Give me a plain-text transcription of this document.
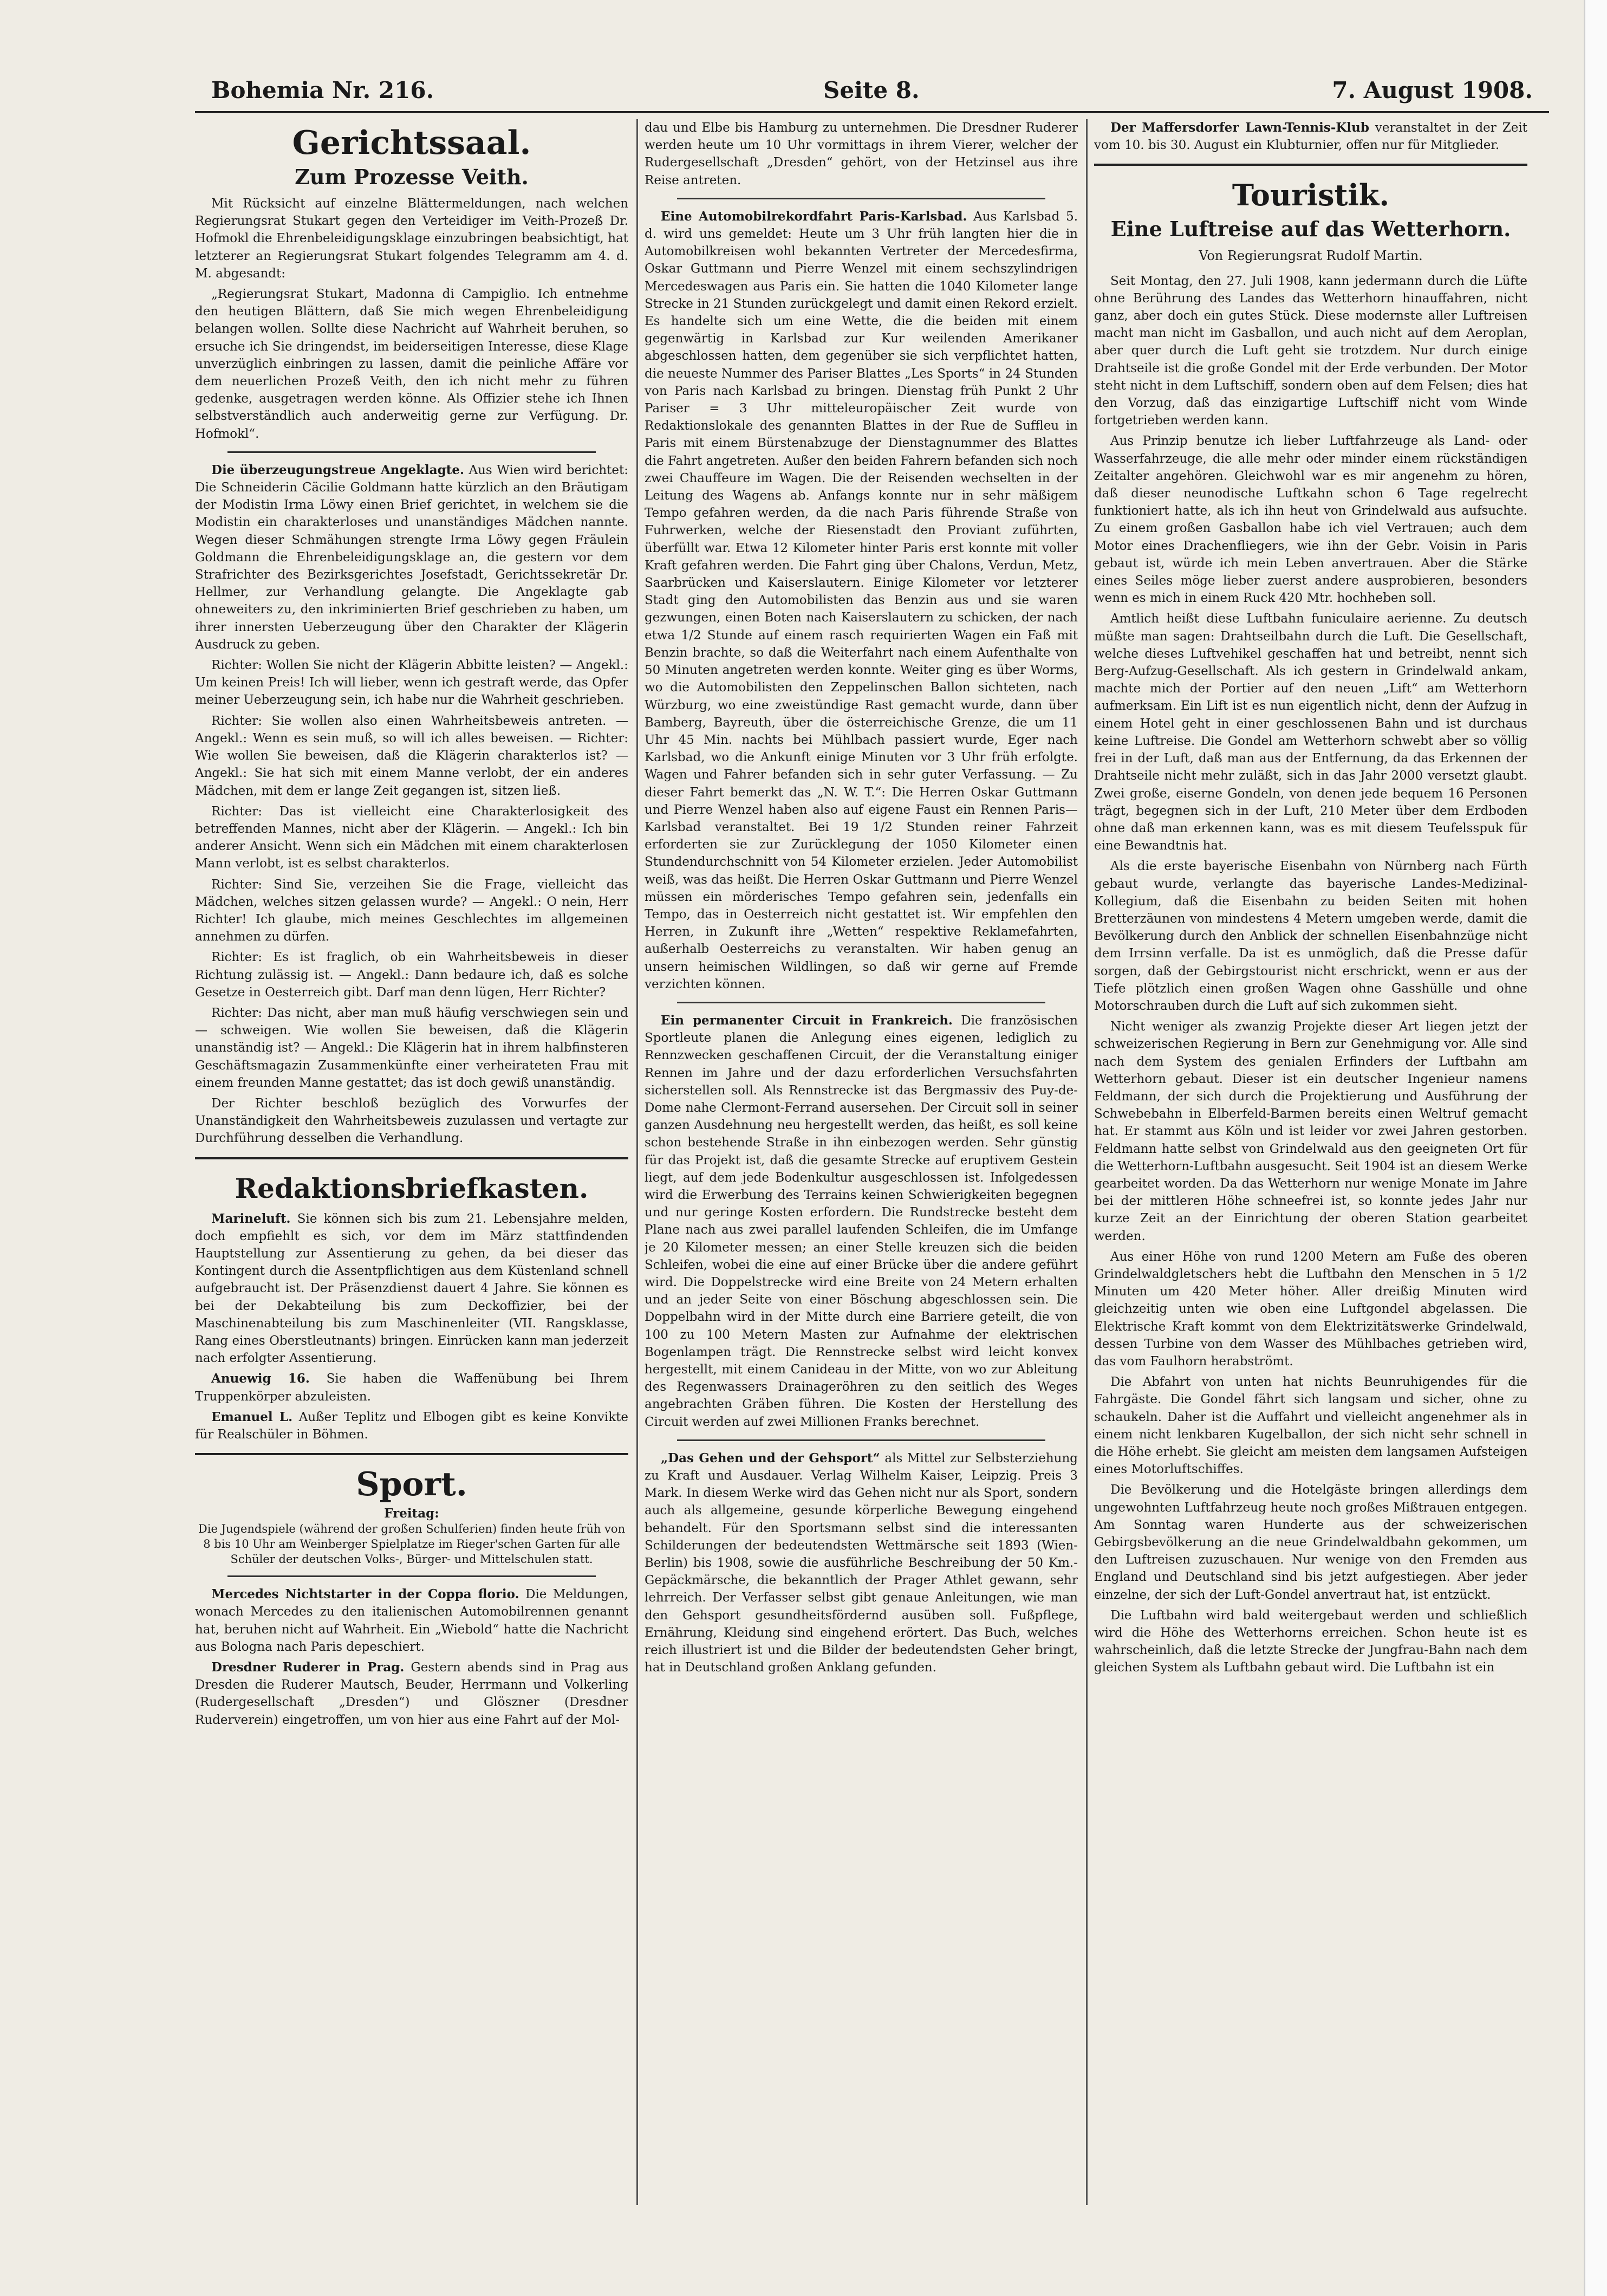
Bohemia Nr. 216.	Seite 8.	7. August 1908.
Gerichtssaal.
Zum Prozesse Veith.

Mit Rücksicht auf einzelne Blättermeldungen, nach welchen Regierungsrat Stukart gegen den Verteidiger im Veith-Prozeß Dr. Hofmokl die Ehrenbeleidigungsklage einzubringen beabsichtigt, hat letzterer an Regierungsrat Stukart folgendes Telegramm am 4. d. M. abgesandt:

„Regierungsrat Stukart, Madonna di Campiglio. Ich entnehme den heutigen Blättern, daß Sie mich wegen Ehrenbeleidigung belangen wollen. Sollte diese Nachricht auf Wahrheit beruhen, so ersuche ich Sie dringendst, im beiderseitigen Interesse, diese Klage unverzüglich einbringen zu lassen, damit die peinliche Affäre vor dem neuerlichen Prozeß Veith, den ich nicht mehr zu führen gedenke, ausgetragen werden könne. Als Offizier stehe ich Ihnen selbstverständlich auch anderweitig gerne zur Verfügung. Dr. Hofmokl“.

Die überzeugungstreue Angeklagte. Aus Wien wird berichtet: Die Schneiderin Cäcilie Goldmann hatte kürzlich an den Bräutigam der Modistin Irma Löwy einen Brief gerichtet, in welchem sie die Modistin ein charakterloses und unanständiges Mädchen nannte. Wegen dieser Schmähungen strengte Irma Löwy gegen Fräulein Goldmann die Ehrenbeleidigungsklage an, die gestern vor dem Strafrichter des Bezirksgerichtes Josefstadt, Gerichtssekretär Dr. Hellmer, zur Verhandlung gelangte. Die Angeklagte gab ohneweiters zu, den inkriminierten Brief geschrieben zu haben, um ihrer innersten Ueberzeugung über den Charakter der Klägerin Ausdruck zu geben.

Richter: Wollen Sie nicht der Klägerin Abbitte leisten? — Angekl.: Um keinen Preis! Ich will lieber, wenn ich gestraft werde, das Opfer meiner Ueberzeugung sein, ich habe nur die Wahrheit geschrieben.

Richter: Sie wollen also einen Wahrheitsbeweis antreten. — Angekl.: Wenn es sein muß, so will ich alles beweisen. — Richter: Wie wollen Sie beweisen, daß die Klägerin charakterlos ist? — Angekl.: Sie hat sich mit einem Manne verlobt, der ein anderes Mädchen, mit dem er lange Zeit gegangen ist, sitzen ließ.

Richter: Das ist vielleicht eine Charakterlosigkeit des betreffenden Mannes, nicht aber der Klägerin. — Angekl.: Ich bin anderer Ansicht. Wenn sich ein Mädchen mit einem charakterlosen Mann verlobt, ist es selbst charakterlos.

Richter: Sind Sie, verzeihen Sie die Frage, vielleicht das Mädchen, welches sitzen gelassen wurde? — Angekl.: O nein, Herr Richter! Ich glaube, mich meines Geschlechtes im allgemeinen annehmen zu dürfen.

Richter: Es ist fraglich, ob ein Wahrheitsbeweis in dieser Richtung zulässig ist. — Angekl.: Dann bedaure ich, daß es solche Gesetze in Oesterreich gibt. Darf man denn lügen, Herr Richter?

Richter: Das nicht, aber man muß häufig verschwiegen sein und — schweigen. Wie wollen Sie beweisen, daß die Klägerin unanständig ist? — Angekl.: Die Klägerin hat in ihrem halbfinsteren Geschäftsmagazin Zusammenkünfte einer verheirateten Frau mit einem freunden Manne gestattet; das ist doch gewiß unanständig.

Der Richter beschloß bezüglich des Vorwurfes der Unanständigkeit den Wahrheitsbeweis zuzulassen und vertagte zur Durchführung desselben die Verhandlung.

Redaktionsbriefkasten.

Marineluft. Sie können sich bis zum 21. Lebensjahre melden, doch empfiehlt es sich, vor dem im März stattfindenden Hauptstellung zur Assentierung zu gehen, da bei dieser das Kontingent durch die Assentpflichtigen aus dem Küstenland schnell aufgebraucht ist. Der Präsenzdienst dauert 4 Jahre. Sie können es bei der Dekabteilung bis zum Deckoffizier, bei der Maschinenabteilung bis zum Maschinenleiter (VII. Rangsklasse, Rang eines Oberstleutnants) bringen. Einrücken kann man jederzeit nach erfolgter Assentierung.

Anuewig 16. Sie haben die Waffenübung bei Ihrem Truppenkörper abzuleisten.

Emanuel L. Außer Teplitz und Elbogen gibt es keine Konvikte für Realschüler in Böhmen.

Sport.
Freitag:
Die Jugendspiele (während der großen Schulferien) finden heute früh von 8 bis 10 Uhr am Weinberger Spielplatze im Rieger'schen Garten für alle Schüler der deutschen Volks-, Bürger- und Mittelschulen statt.

Mercedes Nichtstarter in der Coppa florio. Die Meldungen, wonach Mercedes zu den italienischen Automobilrennen genannt hat, beruhen nicht auf Wahrheit. Ein „Wiebold“ hatte die Nachricht aus Bologna nach Paris depeschiert.

Dresdner Ruderer in Prag. Gestern abends sind in Prag aus Dresden die Ruderer Mautsch, Beuder, Herrmann und Volkerling (Rudergesellschaft „Dresden“) und Glöszner (Dresdner Ruderverein) eingetroffen, um von hier aus eine Fahrt auf der Mol-

dau und Elbe bis Hamburg zu unternehmen. Die Dresdner Ruderer werden heute um 10 Uhr vormittags in ihrem Vierer, welcher der Rudergesellschaft „Dresden“ gehört, von der Hetzinsel aus ihre Reise antreten.

Eine Automobilrekordfahrt Paris-Karlsbad. Aus Karlsbad 5. d. wird uns gemeldet: Heute um 3 Uhr früh langten hier die in Automobilkreisen wohl bekannten Vertreter der Mercedesfirma, Oskar Guttmann und Pierre Wenzel mit einem sechszylindrigen Mercedeswagen aus Paris ein. Sie hatten die 1040 Kilometer lange Strecke in 21 Stunden zurückgelegt und damit einen Rekord erzielt. Es handelte sich um eine Wette, die die beiden mit einem gegenwärtig in Karlsbad zur Kur weilenden Amerikaner abgeschlossen hatten, dem gegenüber sie sich verpflichtet hatten, die neueste Nummer des Pariser Blattes „Les Sports“ in 24 Stunden von Paris nach Karlsbad zu bringen. Dienstag früh Punkt 2 Uhr Pariser = 3 Uhr mitteleuropäischer Zeit wurde von Redaktionslokale des genannten Blattes in der Rue de Suffleu in Paris mit einem Bürstenabzuge der Dienstagnummer des Blattes die Fahrt angetreten. Außer den beiden Fahrern befanden sich noch zwei Chauffeure im Wagen. Die der Reisenden wechselten in der Leitung des Wagens ab. Anfangs konnte nur in sehr mäßigem Tempo gefahren werden, da die nach Paris führende Straße von Fuhrwerken, welche der Riesenstadt den Proviant zuführten, überfüllt war. Etwa 12 Kilometer hinter Paris erst konnte mit voller Kraft gefahren werden. Die Fahrt ging über Chalons, Verdun, Metz, Saarbrücken und Kaiserslautern. Einige Kilometer vor letzterer Stadt ging den Automobilisten das Benzin aus und sie waren gezwungen, einen Boten nach Kaiserslautern zu schicken, der nach etwa 1/2 Stunde auf einem rasch requirierten Wagen ein Faß mit Benzin brachte, so daß die Weiterfahrt nach einem Aufenthalte von 50 Minuten angetreten werden konnte. Weiter ging es über Worms, wo die Automobilisten den Zeppelinschen Ballon sichteten, nach Würzburg, wo eine zweistündige Rast gemacht wurde, dann über Bamberg, Bayreuth, über die österreichische Grenze, die um 11 Uhr 45 Min. nachts bei Mühlbach passiert wurde, Eger nach Karlsbad, wo die Ankunft einige Minuten vor 3 Uhr früh erfolgte. Wagen und Fahrer befanden sich in sehr guter Verfassung. — Zu dieser Fahrt bemerkt das „N. W. T.“: Die Herren Oskar Guttmann und Pierre Wenzel haben also auf eigene Faust ein Rennen Paris—Karlsbad veranstaltet. Bei 19 1/2 Stunden reiner Fahrzeit erforderten sie zur Zurücklegung der 1050 Kilometer einen Stundendurchschnitt von 54 Kilometer erzielen. Jeder Automobilist weiß, was das heißt. Die Herren Oskar Guttmann und Pierre Wenzel müssen ein mörderisches Tempo gefahren sein, jedenfalls ein Tempo, das in Oesterreich nicht gestattet ist. Wir empfehlen den Herren, in Zukunft ihre „Wetten“ respektive Reklamefahrten, außerhalb Oesterreichs zu veranstalten. Wir haben genug an unsern heimischen Wildlingen, so daß wir gerne auf Fremde verzichten können.

Ein permanenter Circuit in Frankreich. Die französischen Sportleute planen die Anlegung eines eigenen, lediglich zu Rennzwecken geschaffenen Circuit, der die Veranstaltung einiger Rennen im Jahre und der dazu erforderlichen Versuchsfahrten sicherstellen soll. Als Rennstrecke ist das Bergmassiv des Puy-de-Dome nahe Clermont-Ferrand ausersehen. Der Circuit soll in seiner ganzen Ausdehnung neu hergestellt werden, das heißt, es soll keine schon bestehende Straße in ihn einbezogen werden. Sehr günstig für das Projekt ist, daß die gesamte Strecke auf eruptivem Gestein liegt, auf dem jede Bodenkultur ausgeschlossen ist. Infolgedessen wird die Erwerbung des Terrains keinen Schwierigkeiten begegnen und nur geringe Kosten erfordern. Die Rundstrecke besteht dem Plane nach aus zwei parallel laufenden Schleifen, die im Umfange je 20 Kilometer messen; an einer Stelle kreuzen sich die beiden Schleifen, wobei die eine auf einer Brücke über die andere geführt wird. Die Doppelstrecke wird eine Breite von 24 Metern erhalten und an jeder Seite von einer Böschung abgeschlossen sein. Die Doppelbahn wird in der Mitte durch eine Barriere geteilt, die von 100 zu 100 Metern Masten zur Aufnahme der elektrischen Bogenlampen trägt. Die Rennstrecke selbst wird leicht konvex hergestellt, mit einem Canideau in der Mitte, von wo zur Ableitung des Regenwassers Drainageröhren zu den seitlich des Weges angebrachten Gräben führen. Die Kosten der Herstellung des Circuit werden auf zwei Millionen Franks berechnet.

„Das Gehen und der Gehsport“ als Mittel zur Selbsterziehung zu Kraft und Ausdauer. Verlag Wilhelm Kaiser, Leipzig. Preis 3 Mark. In diesem Werke wird das Gehen nicht nur als Sport, sondern auch als allgemeine, gesunde körperliche Bewegung eingehend behandelt. Für den Sportsmann selbst sind die interessanten Schilderungen der bedeutendsten Wettmärsche seit 1893 (Wien-Berlin) bis 1908, sowie die ausführliche Beschreibung der 50 Km.-Gepäckmärsche, die bekanntlich der Prager Athlet gewann, sehr lehrreich. Der Verfasser selbst gibt genaue Anleitungen, wie man den Gehsport gesundheitsfördernd ausüben soll. Fußpflege, Ernährung, Kleidung sind eingehend erörtert. Das Buch, welches reich illustriert ist und die Bilder der bedeutendsten Geher bringt, hat in Deutschland großen Anklang gefunden.

Der Maffersdorfer Lawn-Tennis-Klub veranstaltet in der Zeit vom 10. bis 30. August ein Klubturnier, offen nur für Mitglieder.

Touristik.
Eine Luftreise auf das Wetterhorn.
Von Regierungsrat Rudolf Martin.

Seit Montag, den 27. Juli 1908, kann jedermann durch die Lüfte ohne Berührung des Landes das Wetterhorn hinauffahren, nicht ganz, aber doch ein gutes Stück. Diese modernste aller Luftreisen macht man nicht im Gasballon, und auch nicht auf dem Aeroplan, aber quer durch die Luft geht sie trotzdem. Nur durch einige Drahtseile ist die große Gondel mit der Erde verbunden. Der Motor steht nicht in dem Luftschiff, sondern oben auf dem Felsen; dies hat den Vorzug, daß das einzigartige Luftschiff nicht vom Winde fortgetrieben werden kann.

Aus Prinzip benutze ich lieber Luftfahrzeuge als Land- oder Wasserfahrzeuge, die alle mehr oder minder einem rückständigen Zeitalter angehören. Gleichwohl war es mir angenehm zu hören, daß dieser neunodische Luftkahn schon 6 Tage regelrecht funktioniert hatte, als ich ihn heut von Grindelwald aus aufsuchte. Zu einem großen Gasballon habe ich viel Vertrauen; auch dem Motor eines Drachenfliegers, wie ihn der Gebr. Voisin in Paris gebaut ist, würde ich mein Leben anvertrauen. Aber die Stärke eines Seiles möge lieber zuerst andere ausprobieren, besonders wenn es mich in einem Ruck 420 Mtr. hochheben soll.

Amtlich heißt diese Luftbahn funiculaire aerienne. Zu deutsch müßte man sagen: Drahtseilbahn durch die Luft. Die Gesellschaft, welche dieses Luftvehikel geschaffen hat und betreibt, nennt sich Berg-Aufzug-Gesellschaft. Als ich gestern in Grindelwald ankam, machte mich der Portier auf den neuen „Lift“ am Wetterhorn aufmerksam. Ein Lift ist es nun eigentlich nicht, denn der Aufzug in einem Hotel geht in einer geschlossenen Bahn und ist durchaus keine Luftreise. Die Gondel am Wetterhorn schwebt aber so völlig frei in der Luft, daß man aus der Entfernung, da das Erkennen der Drahtseile nicht mehr zuläßt, sich in das Jahr 2000 versetzt glaubt. Zwei große, eiserne Gondeln, von denen jede bequem 16 Personen trägt, begegnen sich in der Luft, 210 Meter über dem Erdboden ohne daß man erkennen kann, was es mit diesem Teufelsspuk für eine Bewandtnis hat.

Als die erste bayerische Eisenbahn von Nürnberg nach Fürth gebaut wurde, verlangte das bayerische Landes-Medizinal-Kollegium, daß die Eisenbahn zu beiden Seiten mit hohen Bretterzäunen von mindestens 4 Metern umgeben werde, damit die Bevölkerung durch den Anblick der schnellen Eisenbahnzüge nicht dem Irrsinn verfalle. Da ist es unmöglich, daß die Presse dafür sorgen, daß der Gebirgstourist nicht erschrickt, wenn er aus der Tiefe plötzlich einen großen Wagen ohne Gasshülle und ohne Motorschrauben durch die Luft auf sich zukommen sieht.

Nicht weniger als zwanzig Projekte dieser Art liegen jetzt der schweizerischen Regierung in Bern zur Genehmigung vor. Alle sind nach dem System des genialen Erfinders der Luftbahn am Wetterhorn gebaut. Dieser ist ein deutscher Ingenieur namens Feldmann, der sich durch die Projektierung und Ausführung der Schwebebahn in Elberfeld-Barmen bereits einen Weltruf gemacht hat. Er stammt aus Köln und ist leider vor zwei Jahren gestorben. Feldmann hatte selbst von Grindelwald aus den geeigneten Ort für die Wetterhorn-Luftbahn ausgesucht. Seit 1904 ist an diesem Werke gearbeitet worden. Da das Wetterhorn nur wenige Monate im Jahre bei der mittleren Höhe schneefrei ist, so konnte jedes Jahr nur kurze Zeit an der Einrichtung der oberen Station gearbeitet werden.

Aus einer Höhe von rund 1200 Metern am Fuße des oberen Grindelwaldgletschers hebt die Luftbahn den Menschen in 5 1/2 Minuten um 420 Meter höher. Aller dreißig Minuten wird gleichzeitig unten wie oben eine Luftgondel abgelassen. Die Elektrische Kraft kommt von dem Elektrizitätswerke Grindelwald, dessen Turbine von dem Wasser des Mühlbaches getrieben wird, das vom Faulhorn herabströmt.

Die Abfahrt von unten hat nichts Beunruhigendes für die Fahrgäste. Die Gondel fährt sich langsam und sicher, ohne zu schaukeln. Daher ist die Auffahrt und vielleicht angenehmer als in einem nicht lenkbaren Kugelballon, der sich nicht sehr schnell in die Höhe erhebt. Sie gleicht am meisten dem langsamen Aufsteigen eines Motorluftschiffes.

Die Bevölkerung und die Hotelgäste bringen allerdings dem ungewohnten Luftfahrzeug heute noch großes Mißtrauen entgegen. Am Sonntag waren Hunderte aus der schweizerischen Gebirgsbevölkerung an die neue Grindelwaldbahn gekommen, um den Luftreisen zuzuschauen. Nur wenige von den Fremden aus England und Deutschland sind bis jetzt aufgestiegen. Aber jeder einzelne, der sich der Luft-Gondel anvertraut hat, ist entzückt.

Die Luftbahn wird bald weitergebaut werden und schließlich wird die Höhe des Wetterhorns erreichen. Schon heute ist es wahrscheinlich, daß die letzte Strecke der Jungfrau-Bahn nach dem gleichen System als Luftbahn gebaut wird. Die Luftbahn ist ein
